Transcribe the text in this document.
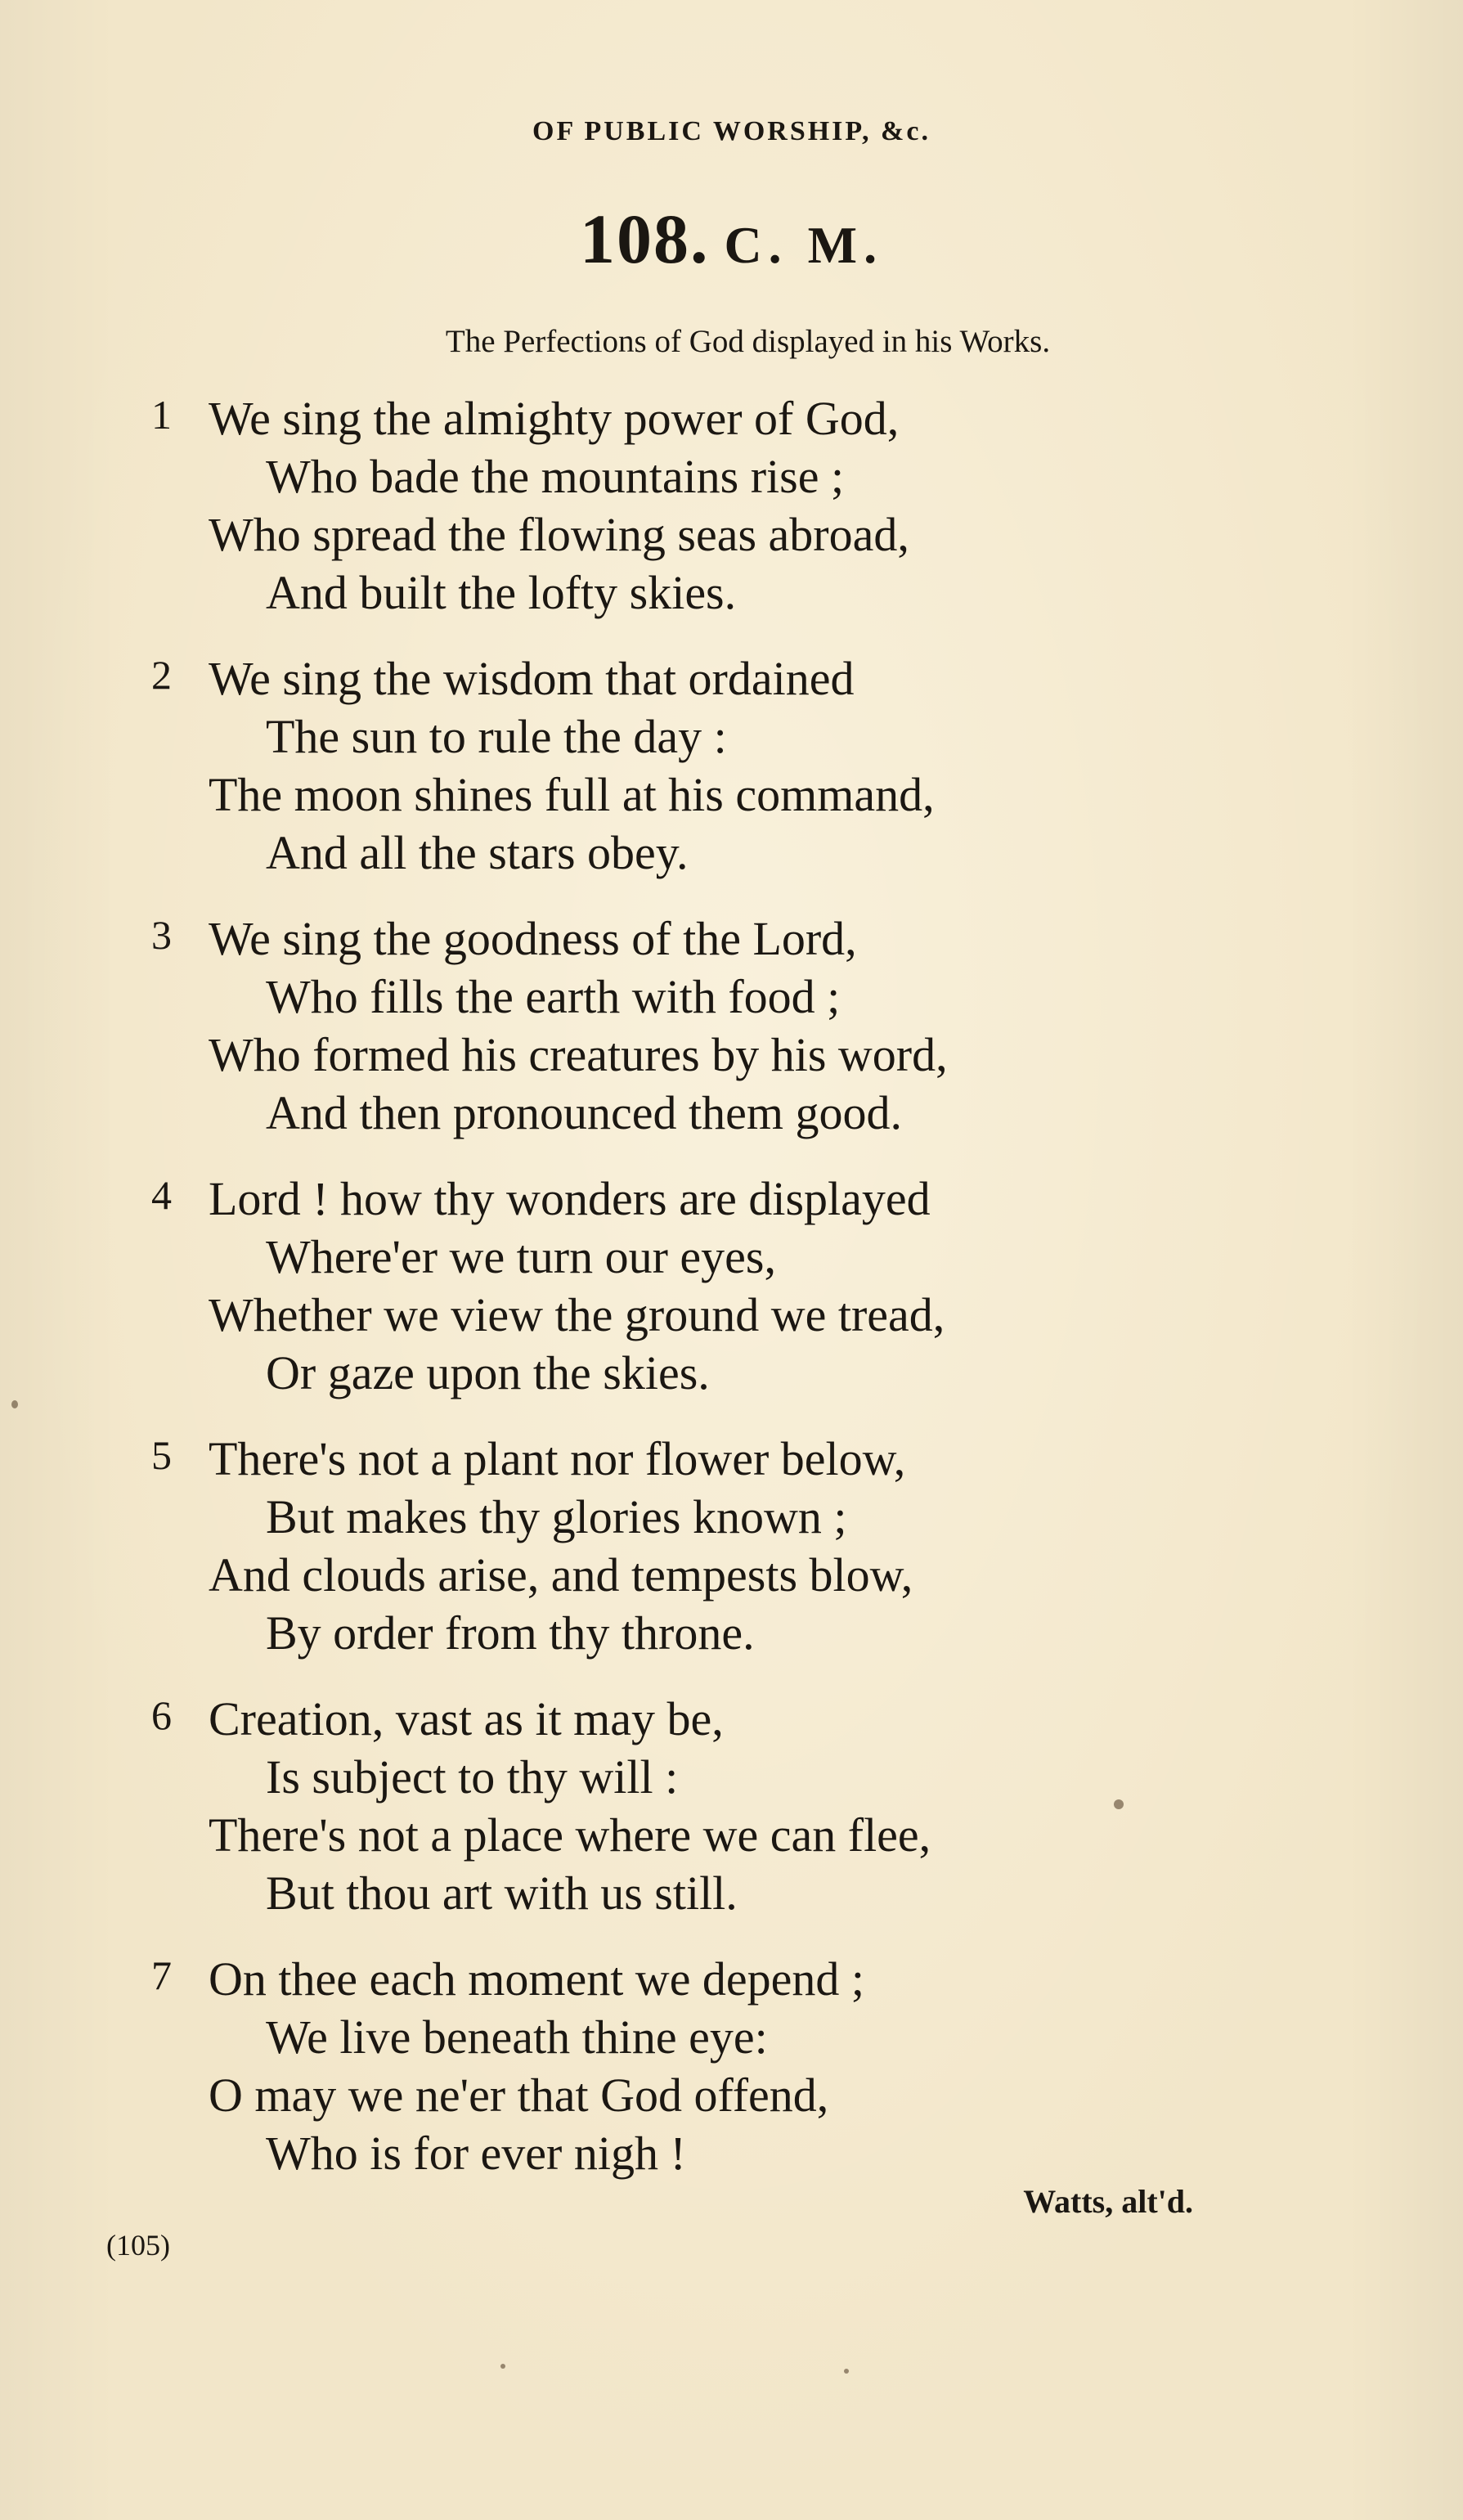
OF PUBLIC WORSHIP, &c.
108. C. M.
The Perfections of God displayed in his Works.
1 We sing the almighty power of God,
Who bade the mountains rise ;
Who spread the flowing seas abroad,
And built the lofty skies.
2 We sing the wisdom that ordained
The sun to rule the day :
The moon shines full at his command,
And all the stars obey.
3 We sing the goodness of the Lord,
Who fills the earth with food ;
Who formed his creatures by his word,
And then pronounced them good.
4 Lord ! how thy wonders are displayed
Where'er we turn our eyes,
Whether we view the ground we tread,
Or gaze upon the skies.
5 There's not a plant nor flower below,
But makes thy glories known ;
And clouds arise, and tempests blow,
By order from thy throne.
6 Creation, vast as it may be,
Is subject to thy will :
There's not a place where we can flee,
But thou art with us still.
7 On thee each moment we depend ;
We live beneath thine eye:
O may we ne'er that God offend,
Who is for ever nigh !
Watts, alt'd.
(105)
